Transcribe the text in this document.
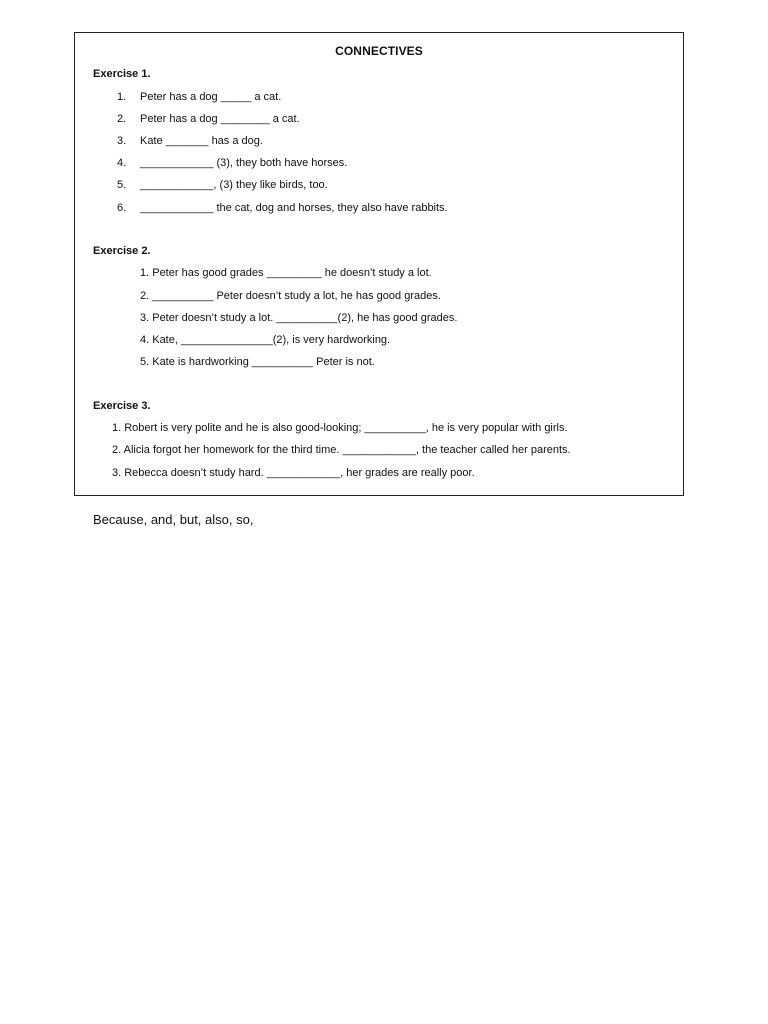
CONNECTIVES
Exercise 1.
1. Peter has a dog _____ a cat.
2. Peter has a dog ________ a cat.
3. Kate _______ has a dog.
4. ____________ (3), they both have horses.
5. ____________, (3) they like birds, too.
6. ____________ the cat, dog and horses, they also have rabbits.
Exercise 2.
1. Peter has good grades _________ he doesn’t study a lot.
2. __________ Peter doesn’t study a lot, he has good grades.
3. Peter doesn’t study a lot. __________(2), he has good grades.
4. Kate, _______________(2), is very hardworking.
5. Kate is hardworking __________ Peter is not.
Exercise 3.
1. Robert is very polite and he is also good-looking; __________, he is very popular with girls.
2. Alicia forgot her homework for the third time. ____________, the teacher called her parents.
3. Rebecca doesn’t study hard. ____________, her grades are really poor.
Because, and, but, also, so,
